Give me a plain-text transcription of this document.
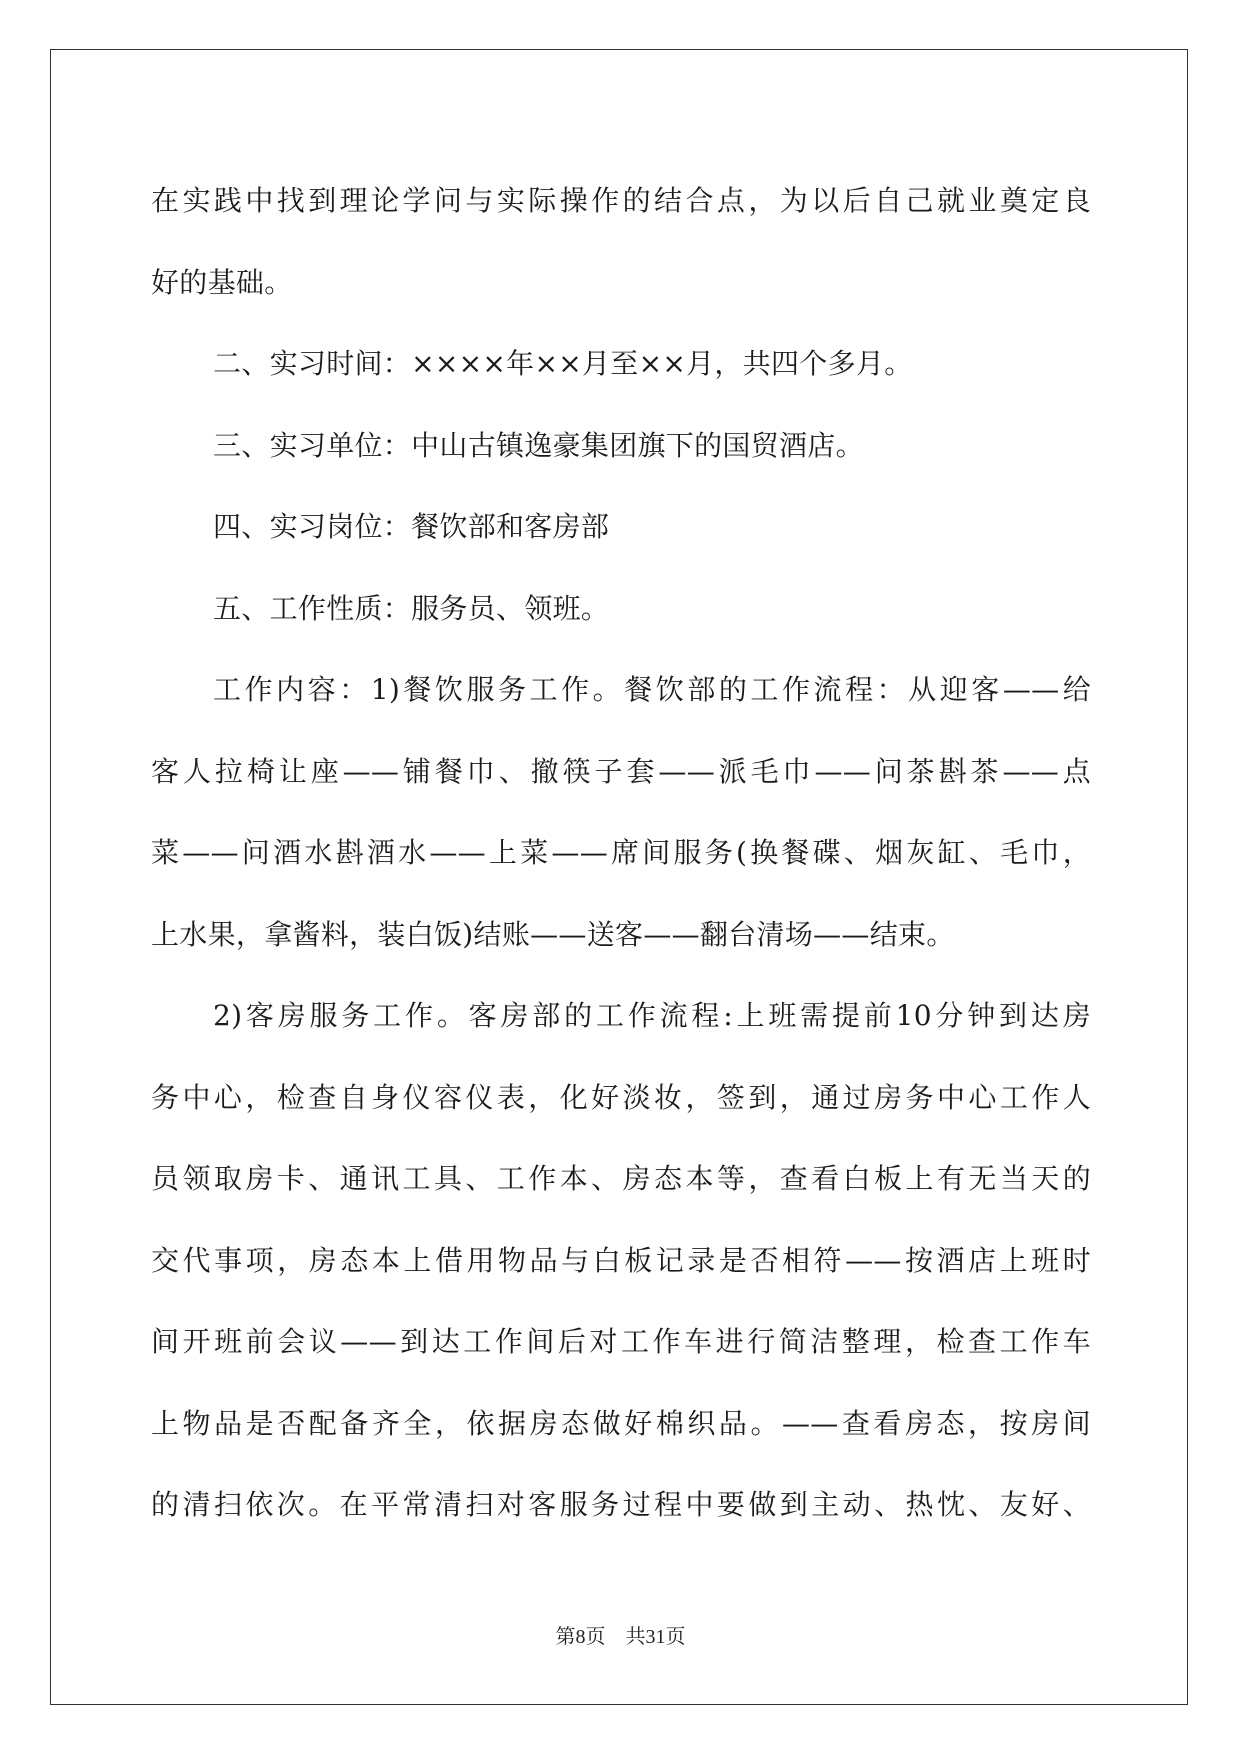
在实践中找到理论学问与实际操作的结合点，为以后自己就业奠定良
好的基础。
二、实习时间：××××年××月至××月，共四个多月。
三、实习单位：中山古镇逸豪集团旗下的国贸酒店。
四、实习岗位：餐饮部和客房部
五、工作性质：服务员、领班。
工作内容：1)餐饮服务工作。餐饮部的工作流程：从迎客——给
客人拉椅让座——铺餐巾、撤筷子套——派毛巾——问茶斟茶——点
菜——问酒水斟酒水——上菜——席间服务(换餐碟、烟灰缸、毛巾，
上水果，拿酱料，装白饭)结账——送客——翻台清场——结束。
2)客房服务工作。客房部的工作流程:上班需提前10分钟到达房
务中心，检查自身仪容仪表，化好淡妆，签到，通过房务中心工作人
员领取房卡、通讯工具、工作本、房态本等，查看白板上有无当天的
交代事项，房态本上借用物品与白板记录是否相符——按酒店上班时
间开班前会议——到达工作间后对工作车进行简洁整理，检查工作车
上物品是否配备齐全，依据房态做好棉织品。——查看房态，按房间
的清扫依次。在平常清扫对客服务过程中要做到主动、热忱、友好、
第8页 共31页
